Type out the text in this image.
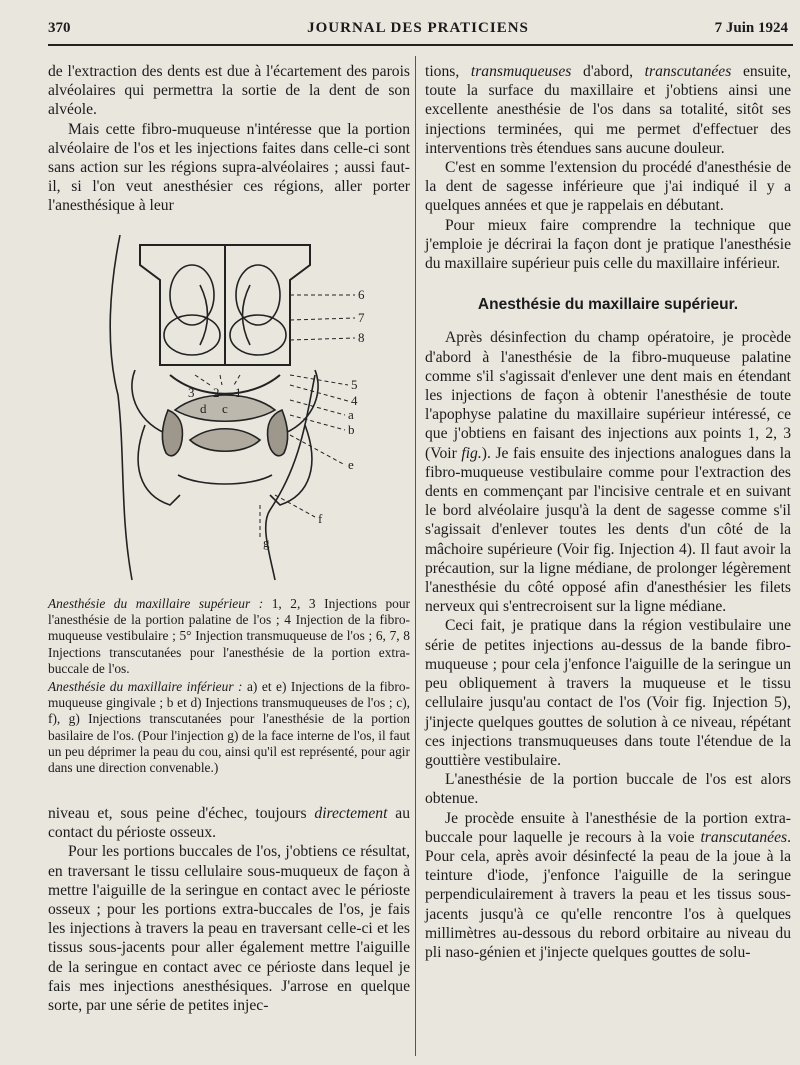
370	JOURNAL DES PRATICIENS	7 Juin 1924

de l'extraction des dents est due à l'écartement des parois alvéolaires qui permettra la sortie de la dent de son alvéole.

Mais cette fibro-muqueuse n'intéresse que la portion alvéolaire de l'os et les injections faites dans celle-ci sont sans action sur les régions supra-alvéolaires ; aussi faut-il, si l'on veut anesthésier ces régions, aller porter l'anesthésique à leur

6
7
8
5
4
a
b
e
f
g
3 2 1
d c
Anesthésie du maxillaire supérieur : 1, 2, 3 Injections pour l'anesthésie de la portion palatine de l'os ; 4 Injection de la fibro-muqueuse vestibulaire ; 5° Injection transmuqueuse de l'os ; 6, 7, 8 Injections transcutanées pour l'anesthésie de la portion extra-buccale de l'os.
Anesthésie du maxillaire inférieur : a) et e) Injections de la fibro-muqueuse gingivale ; b et d) Injections transmuqueuses de l'os ; c), f), g) Injections transcutanées pour l'anesthésie de la portion basilaire de l'os. (Pour l'injection g) de la face interne de l'os, il faut un peu déprimer la peau du cou, ainsi qu'il est représenté, pour agir dans une direction convenable.)

niveau et, sous peine d'échec, toujours directement au contact du périoste osseux.

Pour les portions buccales de l'os, j'obtiens ce résultat, en traversant le tissu cellulaire sous-muqueux de façon à mettre l'aiguille de la seringue en contact avec le périoste osseux ; pour les portions extra-buccales de l'os, je fais les injections à travers la peau en traversant celle-ci et les tissus sous-jacents pour aller également mettre l'aiguille de la seringue en contact avec ce périoste dans lequel je fais mes injections anesthésiques. J'arrose en quelque sorte, par une série de petites injec-

tions, transmuqueuses d'abord, transcutanées ensuite, toute la surface du maxillaire et j'obtiens ainsi une excellente anesthésie de l'os dans sa totalité, sitôt ses injections terminées, qui me permet d'effectuer des interventions très étendues sans aucune douleur.

C'est en somme l'extension du procédé d'anesthésie de la dent de sagesse inférieure que j'ai indiqué il y a quelques années et que je rappelais en débutant.

Pour mieux faire comprendre la technique que j'emploie je décrirai la façon dont je pratique l'anesthésie du maxillaire supérieur puis celle du maxillaire inférieur.

Anesthésie du maxillaire supérieur.

Après désinfection du champ opératoire, je procède d'abord à l'anesthésie de la fibro-muqueuse palatine comme s'il s'agissait d'enlever une dent mais en étendant les injections de façon à obtenir l'anesthésie de toute l'apophyse palatine du maxillaire supérieur intéressé, ce que j'obtiens en faisant des injections aux points 1, 2, 3 (Voir fig.). Je fais ensuite des injections analogues dans la fibro-muqueuse vestibulaire comme pour l'extraction des dents en commençant par l'incisive centrale et en suivant le bord alvéolaire jusqu'à la dent de sagesse comme s'il s'agissait d'enlever toutes les dents d'un côté de la mâchoire supérieure (Voir fig. Injection 4). Il faut avoir la précaution, sur la ligne médiane, de prolonger légèrement l'anesthésie du côté opposé afin d'anesthésier les filets nerveux qui s'entrecroisent sur la ligne médiane.

Ceci fait, je pratique dans la région vestibulaire une série de petites injections au-dessus de la bande fibro-muqueuse ; pour cela j'enfonce l'aiguille de la seringue un peu obliquement à travers la muqueuse et le tissu cellulaire jusqu'au contact de l'os (Voir fig. Injection 5), j'injecte quelques gouttes de solution à ce niveau, répétant ces injections transmuqueuses dans toute l'étendue de la gouttière vestibulaire.

L'anesthésie de la portion buccale de l'os est alors obtenue.

Je procède ensuite à l'anesthésie de la portion extra-buccale pour laquelle je recours à la voie transcutanées. Pour cela, après avoir désinfecté la peau de la joue à la teinture d'iode, j'enfonce l'aiguille de la seringue perpendiculairement à travers la peau et les tissus sous-jacents jusqu'à ce qu'elle rencontre l'os à quelques millimètres au-dessous du rebord orbitaire au niveau du pli naso-génien et j'injecte quelques gouttes de solu-
